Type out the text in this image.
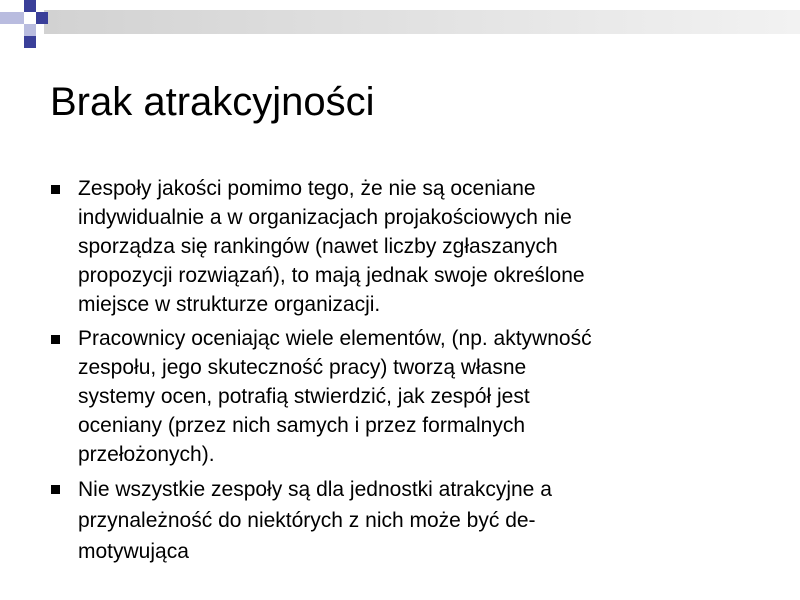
Brak atrakcyjności
Zespoły jakości pomimo tego, że nie są oceniane
indywidualnie a w organizacjach projakościowych nie
sporządza się rankingów (nawet liczby zgłaszanych
propozycji rozwiązań), to mają jednak swoje określone
miejsce w strukturze organizacji.
Pracownicy oceniając wiele elementów, (np. aktywność
zespołu, jego skuteczność pracy) tworzą własne
systemy ocen, potrafią stwierdzić, jak zespół jest
oceniany (przez nich samych i przez formalnych
przełożonych).
Nie wszystkie zespoły są dla jednostki atrakcyjne a
przynależność do niektórych z nich może być de-
motywująca
